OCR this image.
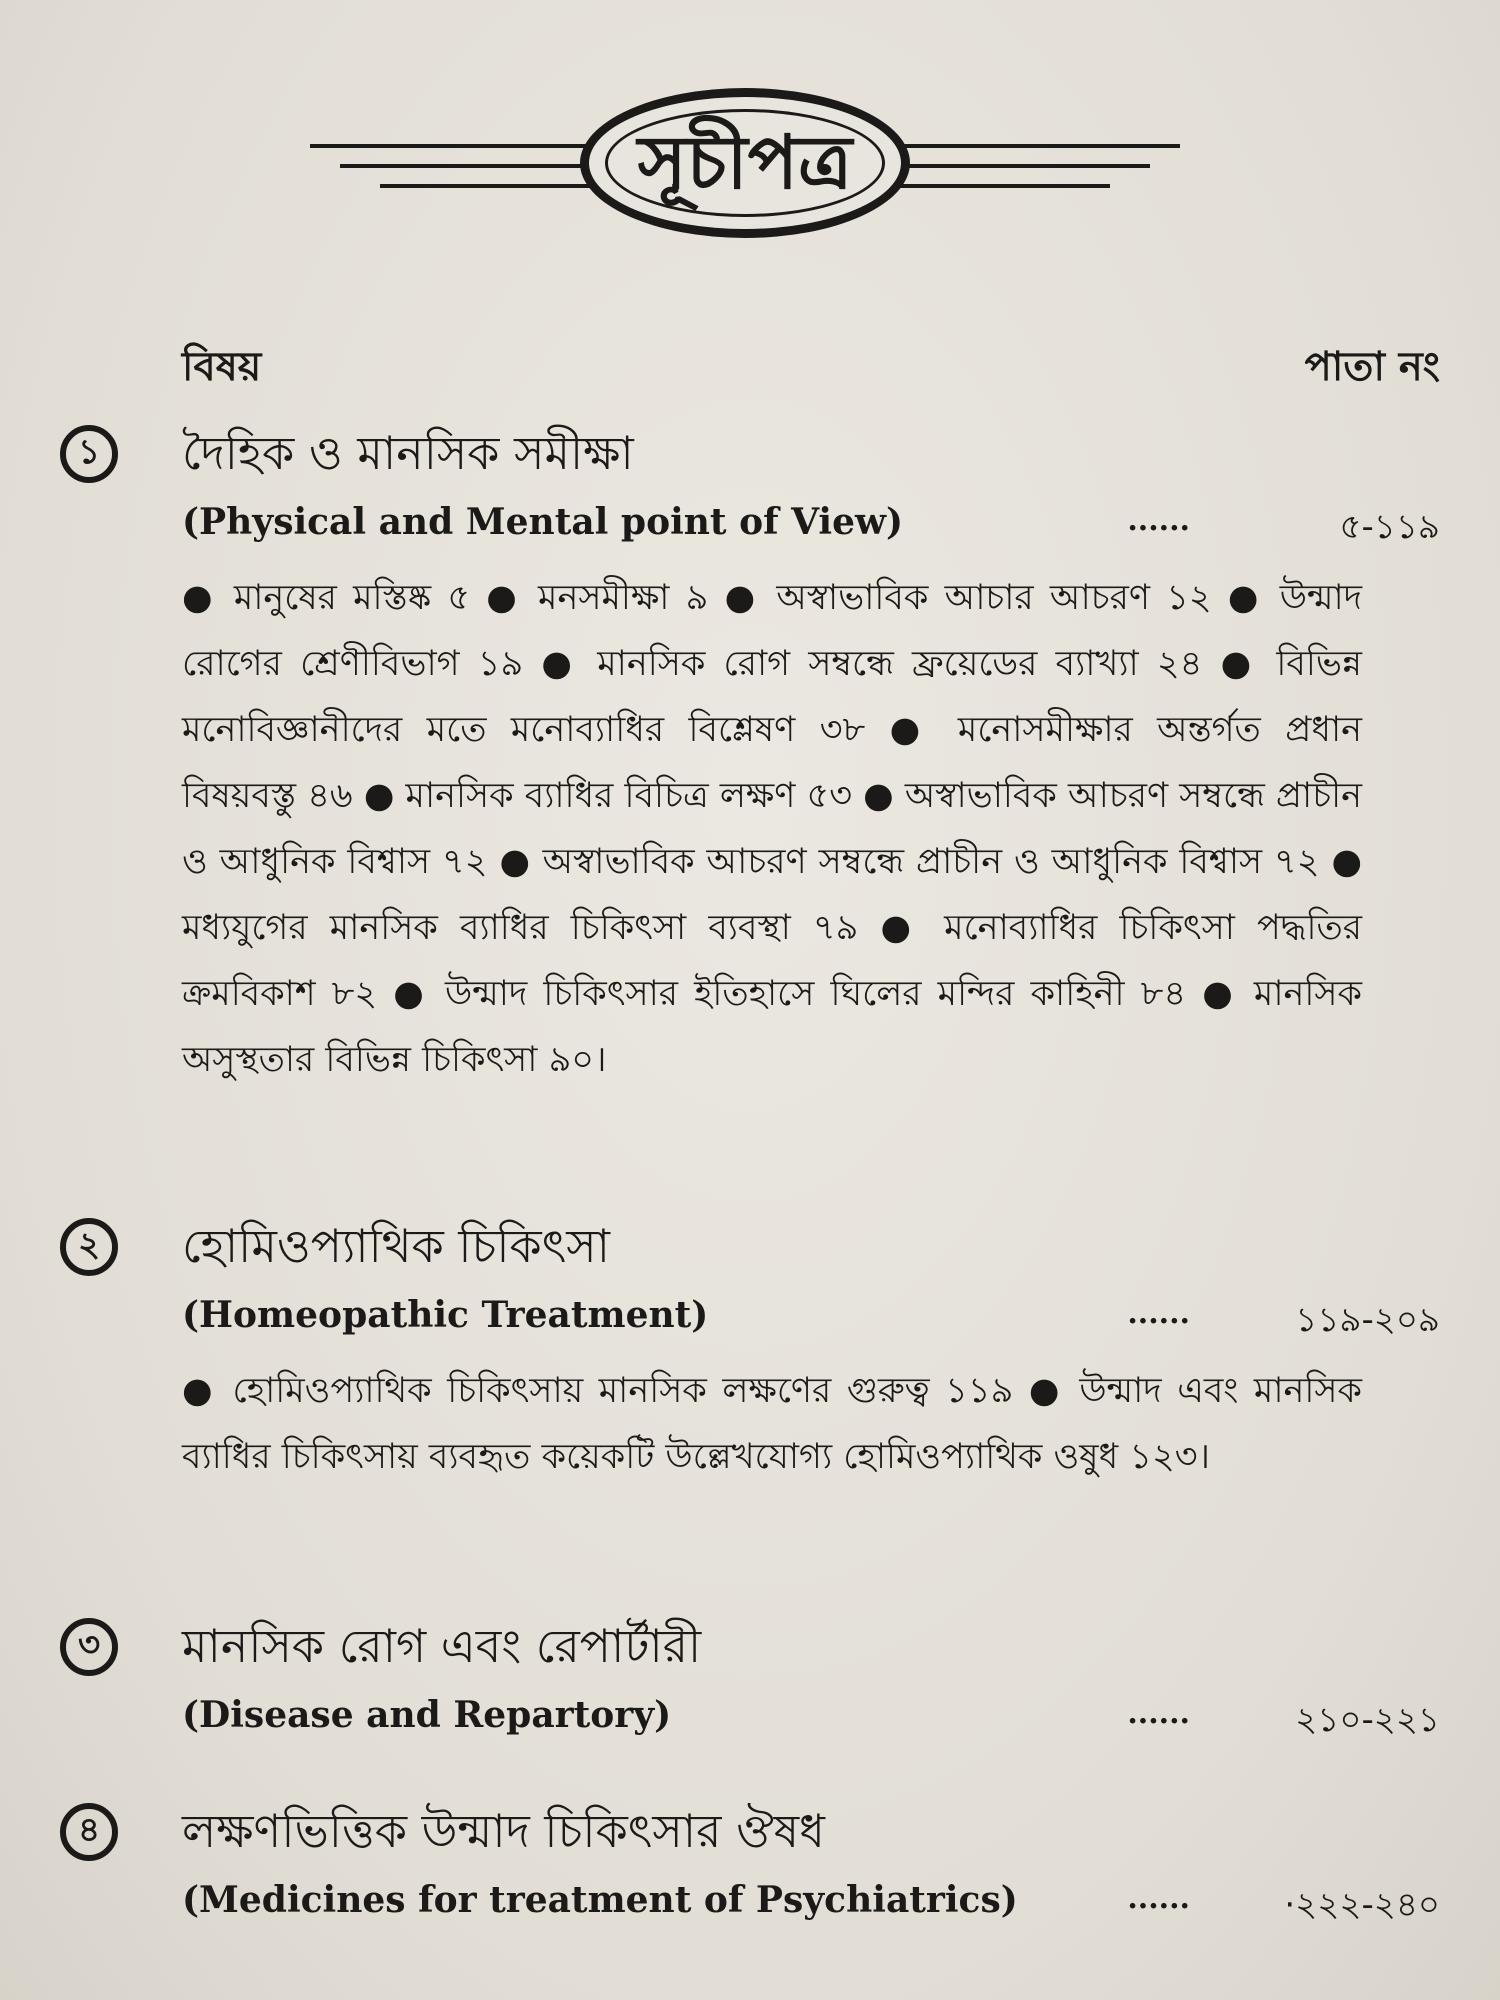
সূচীপত্র
বিষয়	পাতা নং
১	দৈহিক ও মানসিক সমীক্ষা
(Physical and Mental point of View)	......	৫-১১৯
● মানুষের মস্তিষ্ক ৫ ● মনসমীক্ষা ৯ ● অস্বাভাবিক আচার আচরণ ১২ ● উন্মাদ রোগের শ্রেণীবিভাগ ১৯ ● মানসিক রোগ সম্বন্ধে ফ্রয়েডের ব্যাখ্যা ২৪ ● বিভিন্ন মনোবিজ্ঞানীদের মতে মনোব্যাধির বিশ্লেষণ ৩৮ ● মনোসমীক্ষার অন্তর্গত প্রধান বিষয়বস্তু ৪৬ ● মানসিক ব্যাধির বিচিত্র লক্ষণ ৫৩ ● অস্বাভাবিক আচরণ সম্বন্ধে প্রাচীন ও আধুনিক বিশ্বাস ৭২ ● অস্বাভাবিক আচরণ সম্বন্ধে প্রাচীন ও আধুনিক বিশ্বাস ৭২ ● মধ্যযুগের মানসিক ব্যাধির চিকিৎসা ব্যবস্থা ৭৯ ● মনোব্যাধির চিকিৎসা পদ্ধতির ক্রমবিকাশ ৮২ ● উন্মাদ চিকিৎসার ইতিহাসে ঘিলের মন্দির কাহিনী ৮৪ ● মানসিক অসুস্থতার বিভিন্ন চিকিৎসা ৯০।
২	হোমিওপ্যাথিক চিকিৎসা
(Homeopathic Treatment)	......	১১৯-২০৯
● হোমিওপ্যাথিক চিকিৎসায় মানসিক লক্ষণের গুরুত্ব ১১৯ ● উন্মাদ এবং মানসিক ব্যাধির চিকিৎসায় ব্যবহৃত কয়েকটি উল্লেখযোগ্য হোমিওপ্যাথিক ওষুধ ১২৩।
৩	মানসিক রোগ এবং রেপার্টারী
(Disease and Repartory)	......	২১০-২২১
৪	লক্ষণভিত্তিক উন্মাদ চিকিৎসার ঔষধ
(Medicines for treatment of Psychiatrics)	......	·২২২-২৪০
